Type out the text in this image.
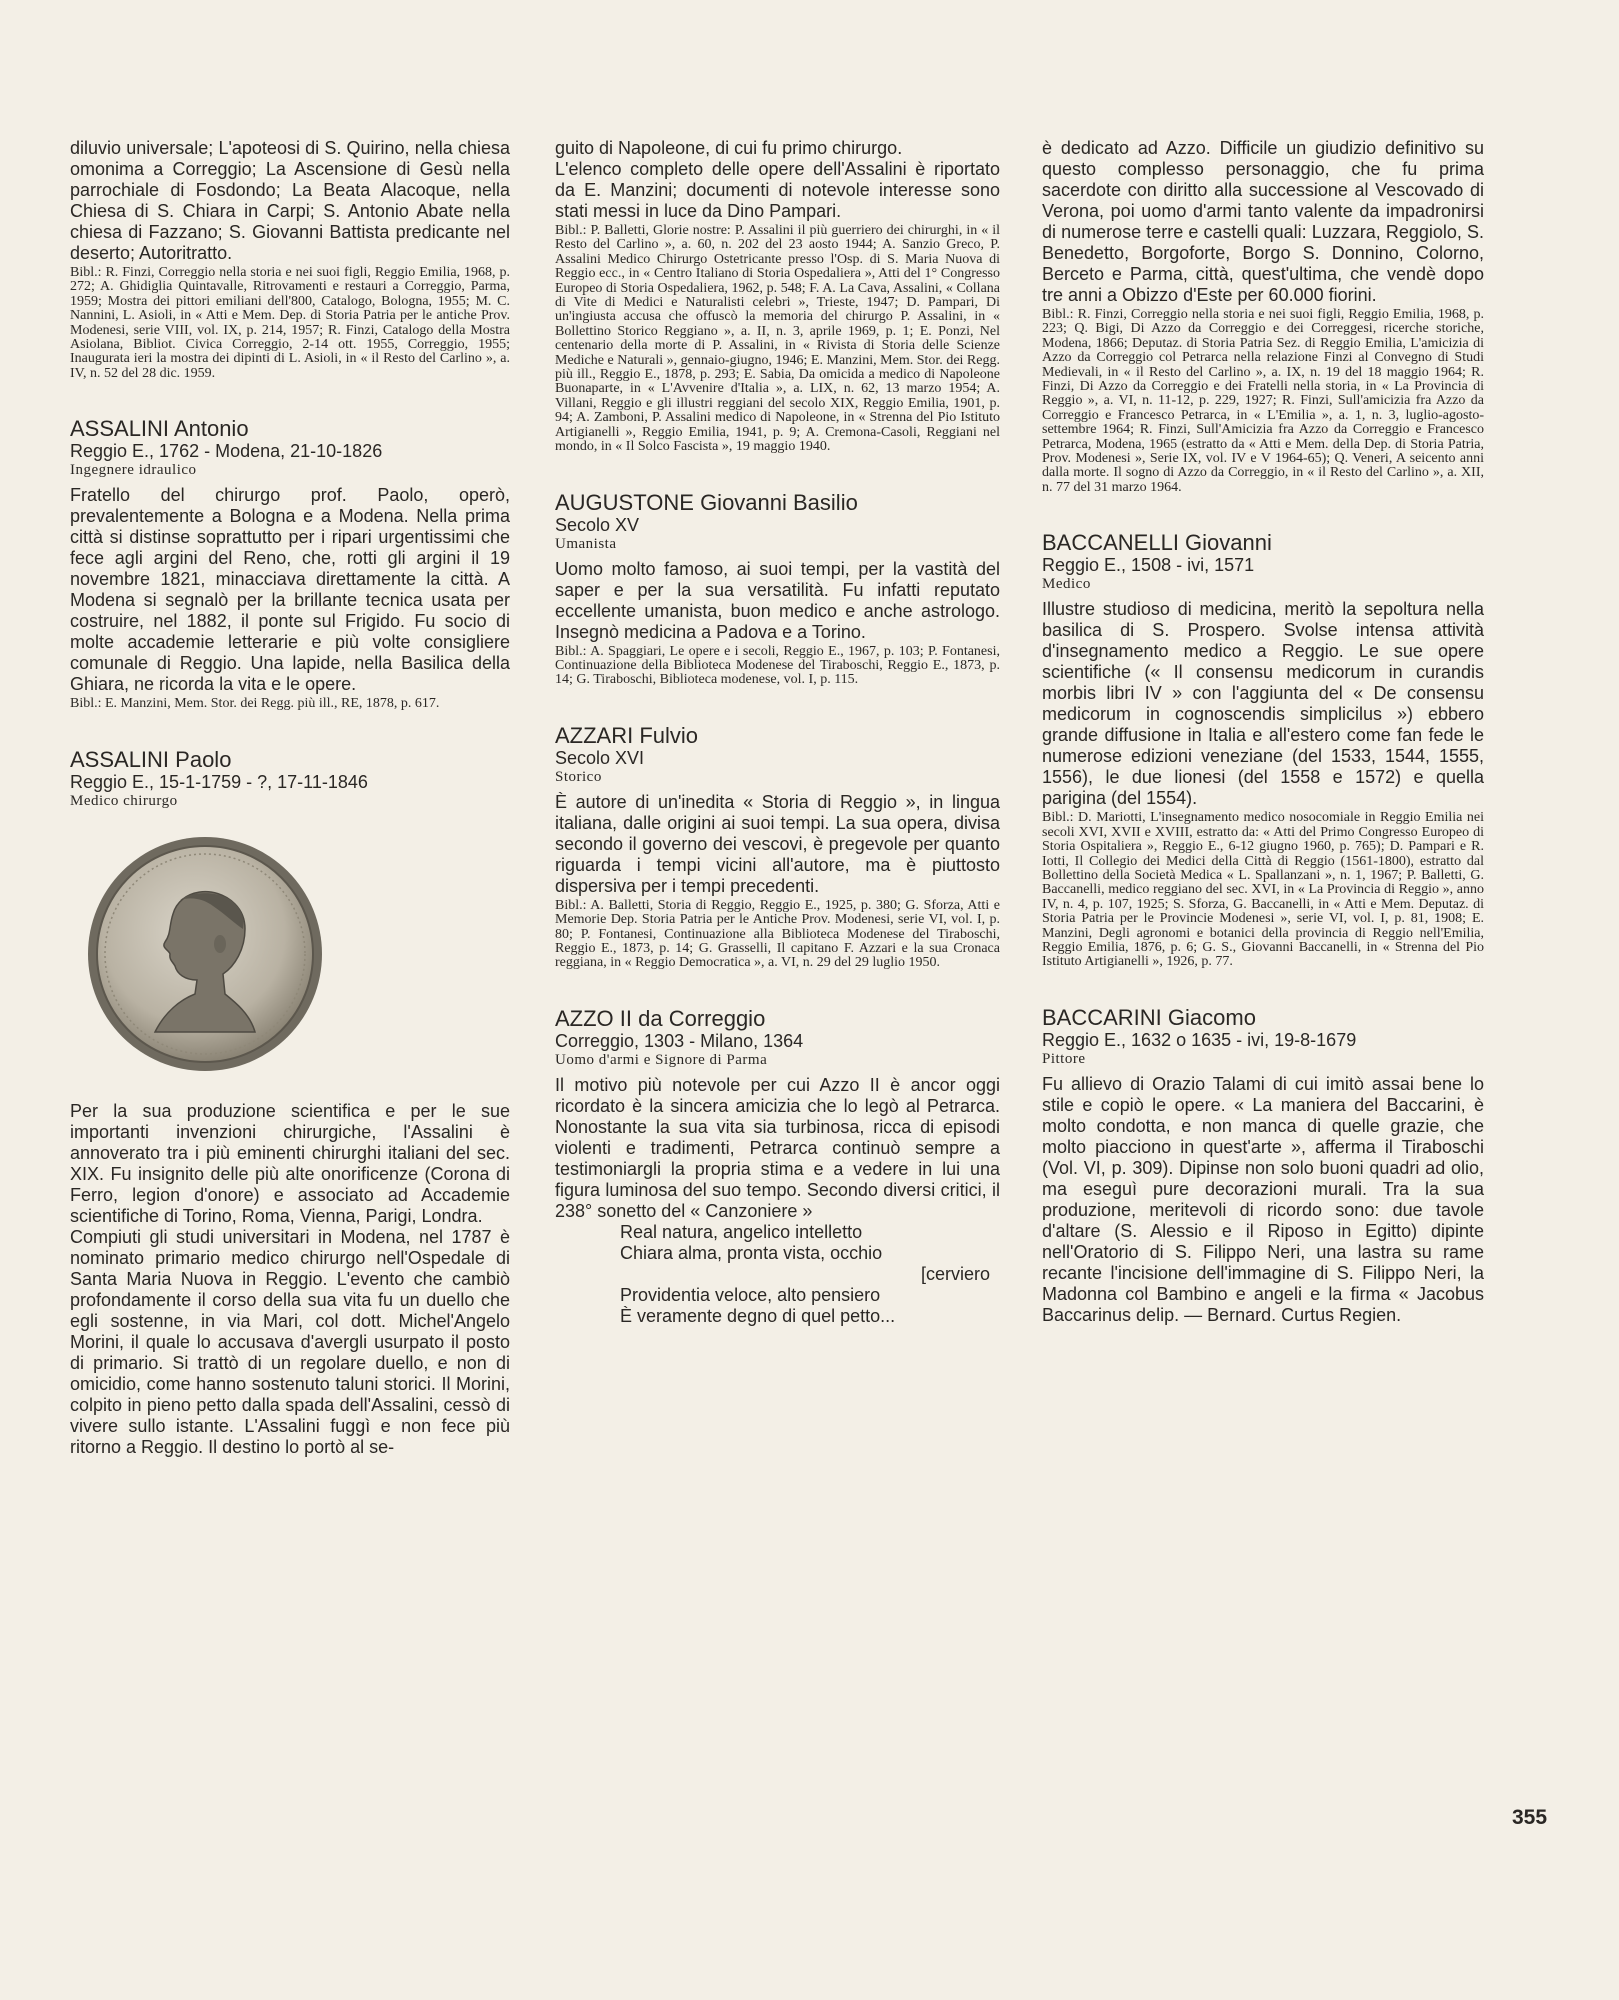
diluvio universale; L'apoteosi di S. Quirino, nella chiesa omonima a Correggio; La Ascensione di Gesù nella parrochiale di Fosdondo; La Beata Alacoque, nella Chiesa di S. Chiara in Carpi; S. Antonio Abate nella chiesa di Fazzano; S. Giovanni Battista predicante nel deserto; Autoritratto.

Bibl.: R. Finzi, Correggio nella storia e nei suoi figli, Reggio Emilia, 1968, p. 272; A. Ghidiglia Quintavalle, Ritrovamenti e restauri a Correggio, Parma, 1959; Mostra dei pittori emiliani dell'800, Catalogo, Bologna, 1955; M. C. Nannini, L. Asioli, in « Atti e Mem. Dep. di Storia Patria per le antiche Prov. Modenesi, serie VIII, vol. IX, p. 214, 1957; R. Finzi, Catalogo della Mostra Asiolana, Bibliot. Civica Correggio, 2-14 ott. 1955, Correggio, 1955; Inaugurata ieri la mostra dei dipinti di L. Asioli, in « il Resto del Carlino », a. IV, n. 52 del 28 dic. 1959.

ASSALINI Antonio
Reggio E., 1762 - Modena, 21-10-1826
Ingegnere idraulico

Fratello del chirurgo prof. Paolo, operò, prevalentemente a Bologna e a Modena. Nella prima città si distinse soprattutto per i ripari urgentissimi che fece agli argini del Reno, che, rotti gli argini il 19 novembre 1821, minacciava direttamente la città. A Modena si segnalò per la brillante tecnica usata per costruire, nel 1882, il ponte sul Frigido. Fu socio di molte accademie letterarie e più volte consigliere comunale di Reggio. Una lapide, nella Basilica della Ghiara, ne ricorda la vita e le opere.

Bibl.: E. Manzini, Mem. Stor. dei Regg. più ill., RE, 1878, p. 617.

ASSALINI Paolo
Reggio E., 15-1-1759 - ?, 17-11-1846
Medico chirurgo

Per la sua produzione scientifica e per le sue importanti invenzioni chirurgiche, l'Assalini è annoverato tra i più eminenti chirurghi italiani del sec. XIX. Fu insignito delle più alte onorificenze (Corona di Ferro, legion d'onore) e associato ad Accademie scientifiche di Torino, Roma, Vienna, Parigi, Londra.

Compiuti gli studi universitari in Modena, nel 1787 è nominato primario medico chirurgo nell'Ospedale di Santa Maria Nuova in Reggio. L'evento che cambiò profondamente il corso della sua vita fu un duello che egli sostenne, in via Mari, col dott. Michel'Angelo Morini, il quale lo accusava d'avergli usurpato il posto di primario. Si trattò di un regolare duello, e non di omicidio, come hanno sostenuto taluni storici. Il Morini, colpito in pieno petto dalla spada dell'Assalini, cessò di vivere sullo istante. L'Assalini fuggì e non fece più ritorno a Reggio. Il destino lo portò al se-

guito di Napoleone, di cui fu primo chirurgo.

L'elenco completo delle opere dell'Assalini è riportato da E. Manzini; documenti di notevole interesse sono stati messi in luce da Dino Pampari.

Bibl.: P. Balletti, Glorie nostre: P. Assalini il più guerriero dei chirurghi, in « il Resto del Carlino », a. 60, n. 202 del 23 aosto 1944; A. Sanzio Greco, P. Assalini Medico Chirurgo Ostetricante presso l'Osp. di S. Maria Nuova di Reggio ecc., in « Centro Italiano di Storia Ospedaliera », Atti del 1° Congresso Europeo di Storia Ospedaliera, 1962, p. 548; F. A. La Cava, Assalini, « Collana di Vite di Medici e Naturalisti celebri », Trieste, 1947; D. Pampari, Di un'ingiusta accusa che offuscò la memoria del chirurgo P. Assalini, in « Bollettino Storico Reggiano », a. II, n. 3, aprile 1969, p. 1; E. Ponzi, Nel centenario della morte di P. Assalini, in « Rivista di Storia delle Scienze Mediche e Naturali », gennaio-giugno, 1946; E. Manzini, Mem. Stor. dei Regg. più ill., Reggio E., 1878, p. 293; E. Sabia, Da omicida a medico di Napoleone Buonaparte, in « L'Avvenire d'Italia », a. LIX, n. 62, 13 marzo 1954; A. Villani, Reggio e gli illustri reggiani del secolo XIX, Reggio Emilia, 1901, p. 94; A. Zamboni, P. Assalini medico di Napoleone, in « Strenna del Pio Istituto Artigianelli », Reggio Emilia, 1941, p. 9; A. Cremona-Casoli, Reggiani nel mondo, in « Il Solco Fascista », 19 maggio 1940.

AUGUSTONE Giovanni Basilio
Secolo XV
Umanista

Uomo molto famoso, ai suoi tempi, per la vastità del saper e per la sua versatilità. Fu infatti reputato eccellente umanista, buon medico e anche astrologo. Insegnò medicina a Padova e a Torino.

Bibl.: A. Spaggiari, Le opere e i secoli, Reggio E., 1967, p. 103; P. Fontanesi, Continuazione della Biblioteca Modenese del Tiraboschi, Reggio E., 1873, p. 14; G. Tiraboschi, Biblioteca modenese, vol. I, p. 115.

AZZARI Fulvio
Secolo XVI
Storico

È autore di un'inedita « Storia di Reggio », in lingua italiana, dalle origini ai suoi tempi. La sua opera, divisa secondo il governo dei vescovi, è pregevole per quanto riguarda i tempi vicini all'autore, ma è piuttosto dispersiva per i tempi precedenti.

Bibl.: A. Balletti, Storia di Reggio, Reggio E., 1925, p. 380; G. Sforza, Atti e Memorie Dep. Storia Patria per le Antiche Prov. Modenesi, serie VI, vol. I, p. 80; P. Fontanesi, Continuazione alla Biblioteca Modenese del Tiraboschi, Reggio E., 1873, p. 14; G. Grasselli, Il capitano F. Azzari e la sua Cronaca reggiana, in « Reggio Democratica », a. VI, n. 29 del 29 luglio 1950.

AZZO II da Correggio
Correggio, 1303 - Milano, 1364
Uomo d'armi e Signore di Parma

Il motivo più notevole per cui Azzo II è ancor oggi ricordato è la sincera amicizia che lo legò al Petrarca. Nonostante la sua vita sia turbinosa, ricca di episodi violenti e tradimenti, Petrarca continuò sempre a testimoniargli la propria stima e a vedere in lui una figura luminosa del suo tempo. Secondo diversi critici, il 238° sonetto del « Canzoniere »

Real natura, angelico intelletto
Chiara alma, pronta vista, occhio
[cerviero
Providentia veloce, alto pensiero
È veramente degno di quel petto...

è dedicato ad Azzo. Difficile un giudizio definitivo su questo complesso personaggio, che fu prima sacerdote con diritto alla successione al Vescovado di Verona, poi uomo d'armi tanto valente da impadronirsi di numerose terre e castelli quali: Luzzara, Reggiolo, S. Benedetto, Borgoforte, Borgo S. Donnino, Colorno, Berceto e Parma, città, quest'ultima, che vendè dopo tre anni a Obizzo d'Este per 60.000 fiorini.

Bibl.: R. Finzi, Correggio nella storia e nei suoi figli, Reggio Emilia, 1968, p. 223; Q. Bigi, Di Azzo da Correggio e dei Correggesi, ricerche storiche, Modena, 1866; Deputaz. di Storia Patria Sez. di Reggio Emilia, L'amicizia di Azzo da Correggio col Petrarca nella relazione Finzi al Convegno di Studi Medievali, in « il Resto del Carlino », a. IX, n. 19 del 18 maggio 1964; R. Finzi, Di Azzo da Correggio e dei Fratelli nella storia, in « La Provincia di Reggio », a. VI, n. 11-12, p. 229, 1927; R. Finzi, Sull'amicizia fra Azzo da Correggio e Francesco Petrarca, in « L'Emilia », a. 1, n. 3, luglio-agosto-settembre 1964; R. Finzi, Sull'Amicizia fra Azzo da Correggio e Francesco Petrarca, Modena, 1965 (estratto da « Atti e Mem. della Dep. di Storia Patria, Prov. Modenesi », Serie IX, vol. IV e V 1964-65); Q. Veneri, A seicento anni dalla morte. Il sogno di Azzo da Correggio, in « il Resto del Carlino », a. XII, n. 77 del 31 marzo 1964.

BACCANELLI Giovanni
Reggio E., 1508 - ivi, 1571
Medico

Illustre studioso di medicina, meritò la sepoltura nella basilica di S. Prospero. Svolse intensa attività d'insegnamento medico a Reggio. Le sue opere scientifiche (« Il consensu medicorum in curandis morbis libri IV » con l'aggiunta del « De consensu medicorum in cognoscendis simplicilus ») ebbero grande diffusione in Italia e all'estero come fan fede le numerose edizioni veneziane (del 1533, 1544, 1555, 1556), le due lionesi (del 1558 e 1572) e quella parigina (del 1554).

Bibl.: D. Mariotti, L'insegnamento medico nosocomiale in Reggio Emilia nei secoli XVI, XVII e XVIII, estratto da: « Atti del Primo Congresso Europeo di Storia Ospitaliera », Reggio E., 6-12 giugno 1960, p. 765); D. Pampari e R. Iotti, Il Collegio dei Medici della Città di Reggio (1561-1800), estratto dal Bollettino della Società Medica « L. Spallanzani », n. 1, 1967; P. Balletti, G. Baccanelli, medico reggiano del sec. XVI, in « La Provincia di Reggio », anno IV, n. 4, p. 107, 1925; S. Sforza, G. Baccanelli, in « Atti e Mem. Deputaz. di Storia Patria per le Provincie Modenesi », serie VI, vol. I, p. 81, 1908; E. Manzini, Degli agronomi e botanici della provincia di Reggio nell'Emilia, Reggio Emilia, 1876, p. 6; G. S., Giovanni Baccanelli, in « Strenna del Pio Istituto Artigianelli », 1926, p. 77.

BACCARINI Giacomo
Reggio E., 1632 o 1635 - ivi, 19-8-1679
Pittore

Fu allievo di Orazio Talami di cui imitò assai bene lo stile e copiò le opere. « La maniera del Baccarini, è molto condotta, e non manca di quelle grazie, che molto piacciono in quest'arte », afferma il Tiraboschi (Vol. VI, p. 309). Dipinse non solo buoni quadri ad olio, ma eseguì pure decorazioni murali. Tra la sua produzione, meritevoli di ricordo sono: due tavole d'altare (S. Alessio e il Riposo in Egitto) dipinte nell'Oratorio di S. Filippo Neri, una lastra su rame recante l'incisione dell'immagine di S. Filippo Neri, la Madonna col Bambino e angeli e la firma « Jacobus Baccarinus delip. — Bernard. Curtus Regien.

355
